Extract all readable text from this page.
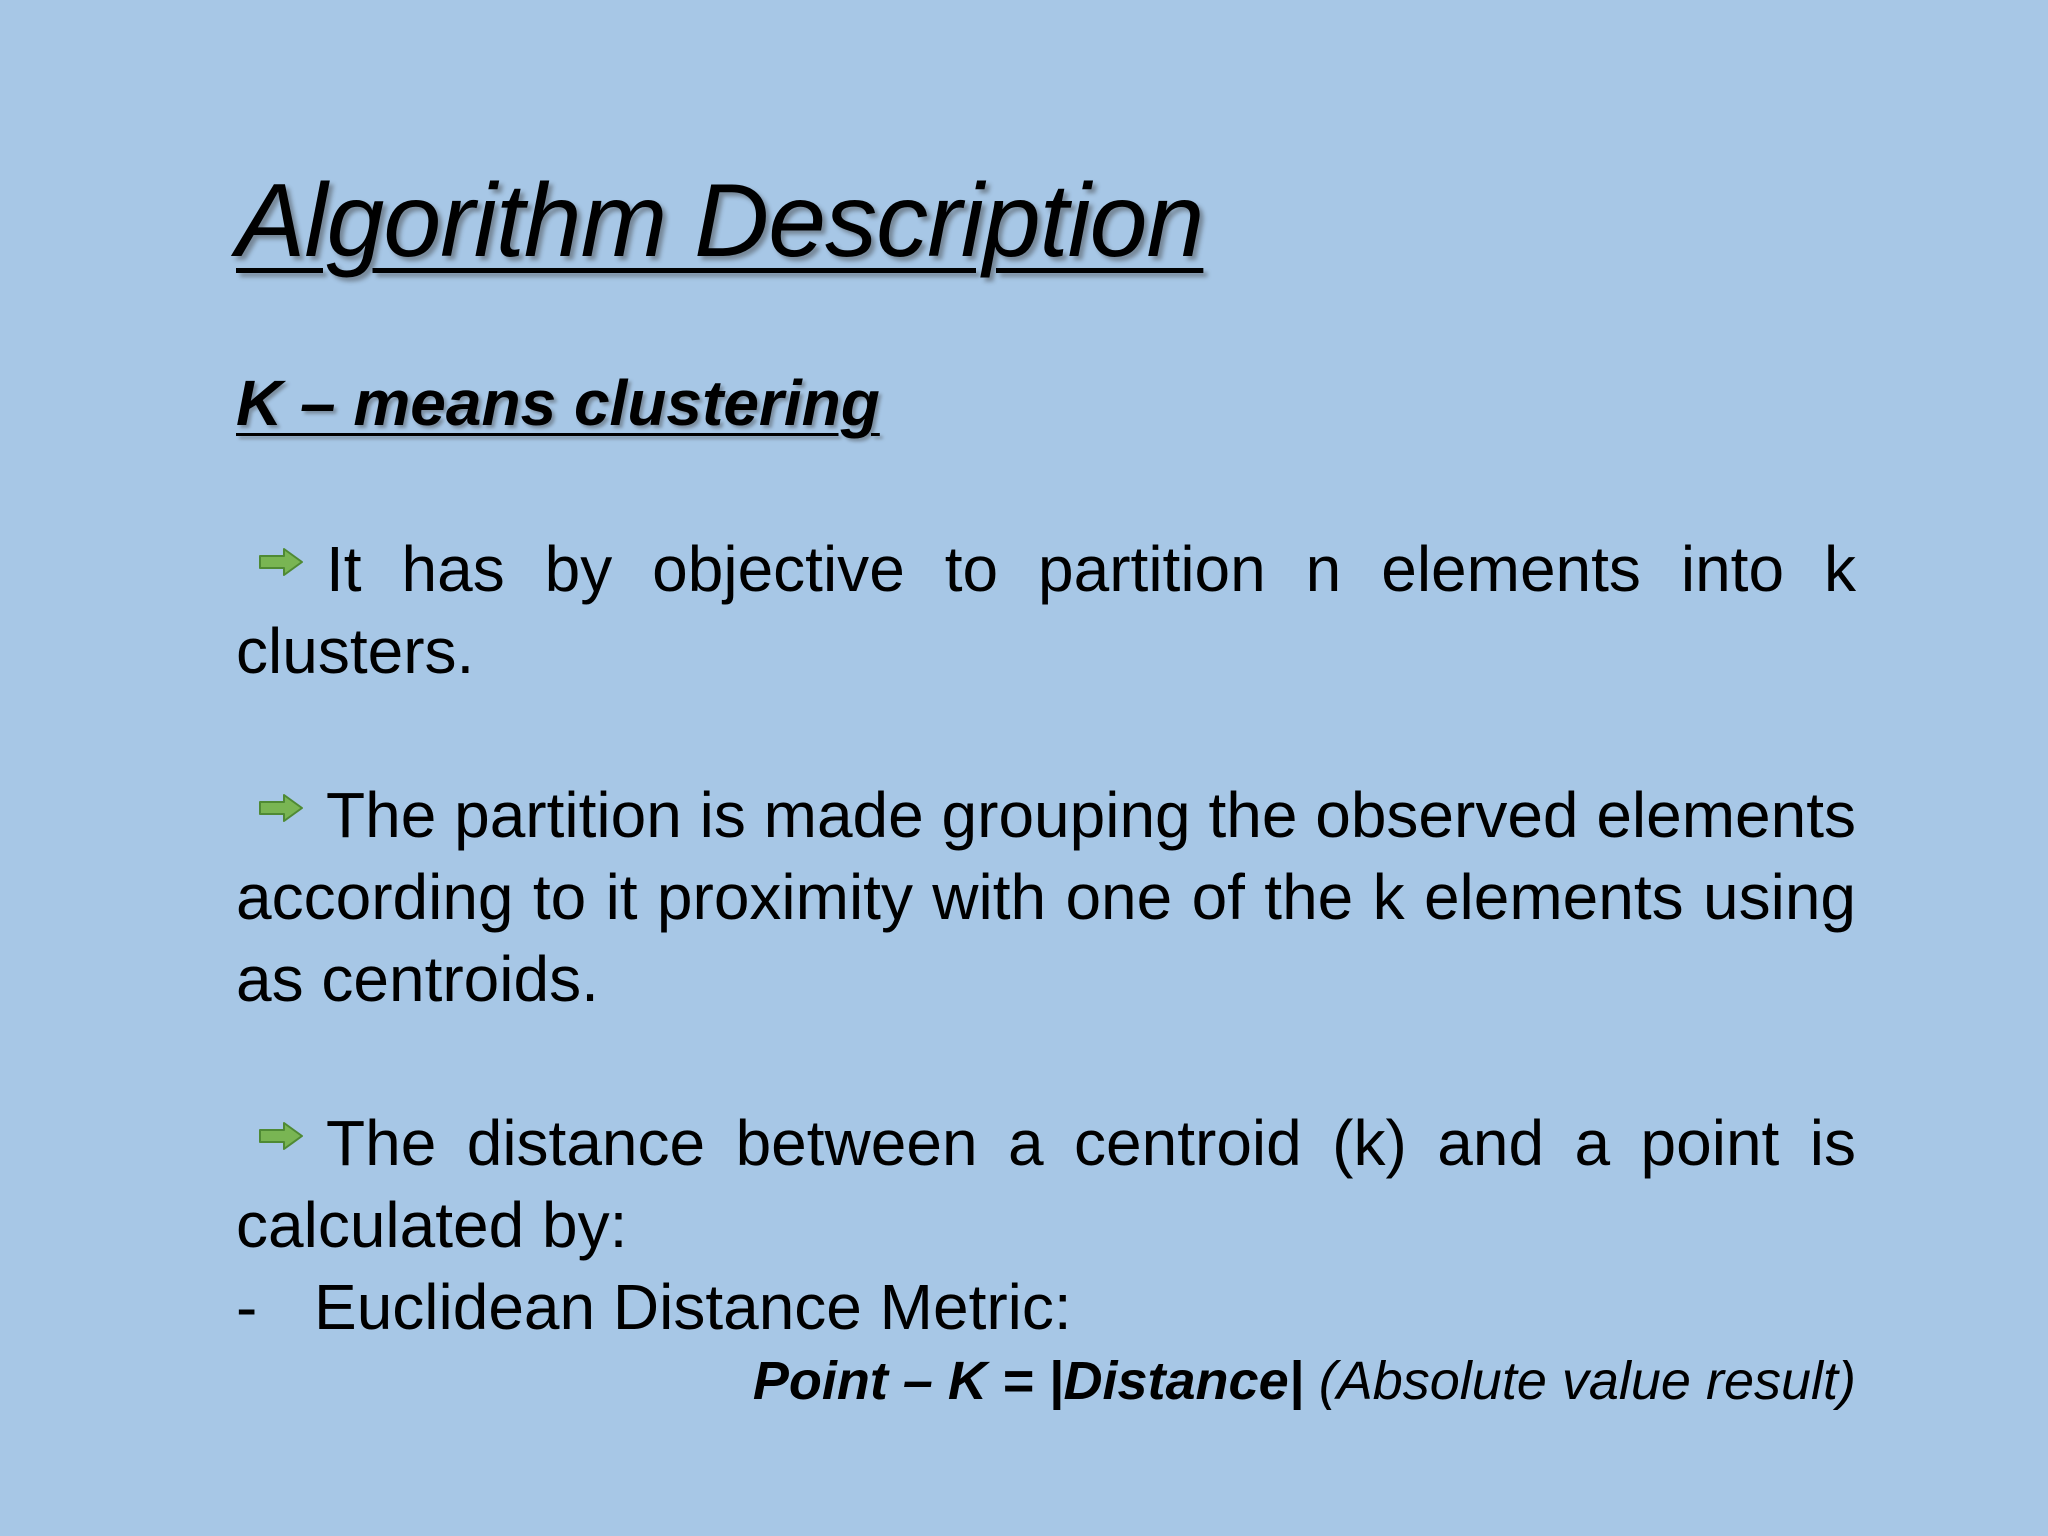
Algorithm Description
K – means clustering

It has by objective to partition n elements into k clusters.

The partition is made grouping the observed elements according to it proximity with one of the k elements using as centroids.

The distance between a centroid (k) and a point is calculated by:

- Euclidean Distance Metric:

Point – K = |Distance| (Absolute value result)
